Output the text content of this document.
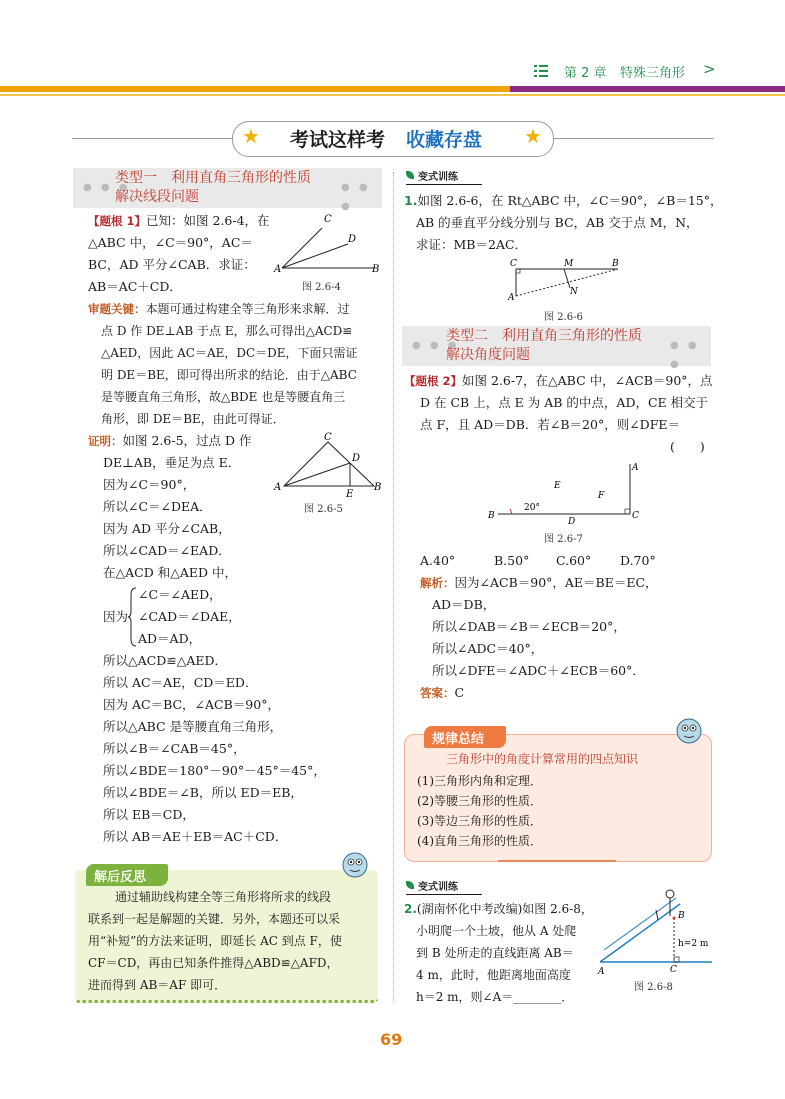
第 2 章 特殊三角形 >
★	★
考试这样考 收藏存盘
● ● ●	● ● ●
类型一　利用直角三角形的性质
解决线段问题
【题根 1】已知：如图 2.6-4，在
△ABC 中，∠C＝90°，AC＝
BC，AD 平分∠CAB．求证：
AB＝AC＋CD．
C
D
A	B
图 2.6-4
审题关键：本题可通过构建全等三角形来求解．过
点 D 作 DE⊥AB 于点 E，那么可得出△ACD≌
△AED，因此 AC＝AE，DC＝DE，下面只需证
明 DE＝BE，即可得出所求的结论．由于△ABC
是等腰直角三角形，故△BDE 也是等腰直角三
角形，即 DE＝BE，由此可得证．
证明：如图 2.6-5，过点 D 作
DE⊥AB，垂足为点 E．
因为∠C＝90°，
所以∠C＝∠DEA．
因为 AD 平分∠CAB，
所以∠CAD＝∠EAD．
在△ACD 和△AED 中，
因为
∠C＝∠AED，
∠CAD＝∠DAE，
AD＝AD，
所以△ACD≌△AED．
所以 AC＝AE，CD＝ED．
因为 AC＝BC，∠ACB＝90°，
所以△ABC 是等腰直角三角形，
所以∠B＝∠CAB＝45°，
所以∠BDE＝180°－90°－45°＝45°，
所以∠BDE＝∠B，所以 ED＝EB，
所以 EB＝CD，
所以 AB＝AE＋EB＝AC＋CD．
C
D
A
E
B
图 2.6-5
解后反思
通过辅助线构建全等三角形将所求的线段
联系到一起是解题的关键．另外，本题还可以采
用“补短”的方法来证明，即延长 AC 到点 F，使
CF＝CD，再由已知条件推得△ABD≌△AFD，
进而得到 AB＝AF 即可．
变式训练
1.如图 2.6-6，在 Rt△ABC 中，∠C＝90°，∠B＝15°，
AB 的垂直平分线分别与 BC，AB 交于点 M，N，
求证：MB＝2AC．
C	M	B
A
N
图 2.6-6
● ● ●	● ● ●
类型二　利用直角三角形的性质
解决角度问题
【题根 2】如图 2.6-7，在△ABC 中，∠ACB＝90°，点
D 在 CB 上，点 E 为 AB 的中点，AD，CE 相交于
点 F，且 AD＝DB．若∠B＝20°，则∠DFE＝
(　　)
A
E
F
20°
B
D
C
图 2.6-7
A.40°	B.50° C.60° D.70°
解析：因为∠ACB＝90°，AE＝BE＝EC，
AD＝DB，
所以∠DAB＝∠B＝∠ECB＝20°，
所以∠ADC＝40°，
所以∠DFE＝∠ADC＋∠ECB＝60°．
答案：C
规律总结
三角形中的角度计算常用的四点知识
(1)三角形内角和定理．
(2)等腰三角形的性质．
(3)等边三角形的性质．
(4)直角三角形的性质．
变式训练
2.(湖南怀化中考改编)如图 2.6-8，
小明爬一个土坡，他从 A 处爬
到 B 处所走的直线距离 AB＝
4 m，此时，他距离地面高度
h＝2 m，则∠A＝________．
B
h=2 m
A	C
图 2.6-8
69
